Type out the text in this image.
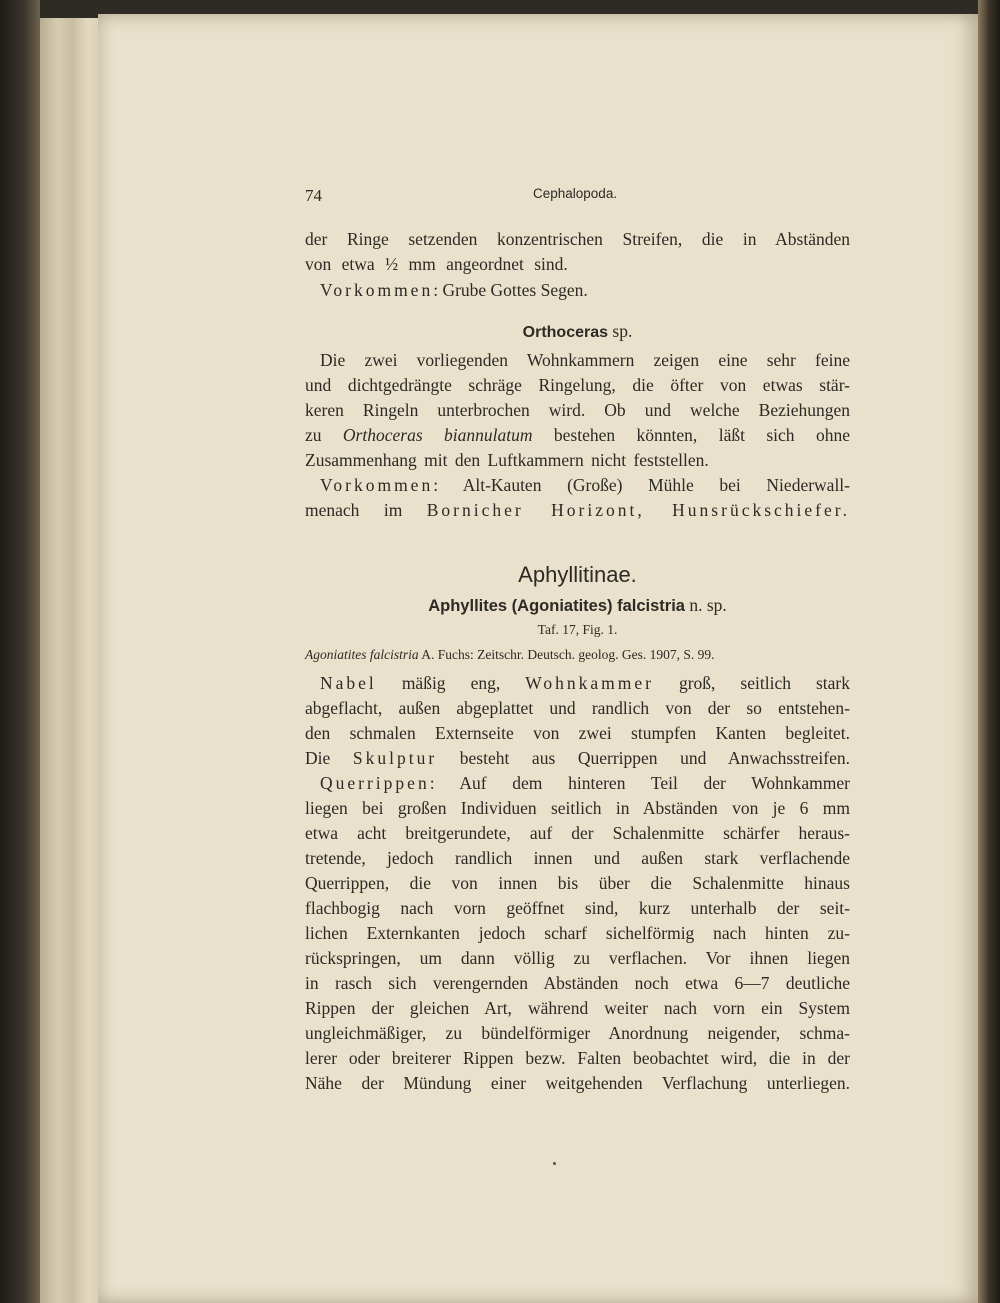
74	Cephalopoda.
der Ringe setzenden konzentrischen Streifen, die in Abständen
von etwa ½ mm angeordnet sind.
Vorkommen: Grube Gottes Segen.
Orthoceras sp.
Die zwei vorliegenden Wohnkammern zeigen eine sehr feine
und dichtgedrängte schräge Ringelung, die öfter von etwas stär-
keren Ringeln unterbrochen wird. Ob und welche Beziehungen
zu Orthoceras biannulatum bestehen könnten, läßt sich ohne
Zusammenhang mit den Luftkammern nicht feststellen.
Vorkommen: Alt-Kauten (Große) Mühle bei Niederwall-
menach im Bornicher Horizont, Hunsrückschiefer.
Aphyllitinae.
Aphyllites (Agoniatites) falcistria n. sp.
Taf. 17, Fig. 1.
Agoniatites falcistria A. Fuchs: Zeitschr. Deutsch. geolog. Ges. 1907, S. 99.
Nabel mäßig eng, Wohnkammer groß, seitlich stark
abgeflacht, außen abgeplattet und randlich von der so entstehen-
den schmalen Externseite von zwei stumpfen Kanten begleitet.
Die Skulptur besteht aus Querrippen und Anwachsstreifen.
Querrippen: Auf dem hinteren Teil der Wohnkammer
liegen bei großen Individuen seitlich in Abständen von je 6 mm
etwa acht breitgerundete, auf der Schalenmitte schärfer heraus-
tretende, jedoch randlich innen und außen stark verflachende
Querrippen, die von innen bis über die Schalenmitte hinaus
flachbogig nach vorn geöffnet sind, kurz unterhalb der seit-
lichen Externkanten jedoch scharf sichelförmig nach hinten zu-
rückspringen, um dann völlig zu verflachen. Vor ihnen liegen
in rasch sich verengernden Abständen noch etwa 6—7 deutliche
Rippen der gleichen Art, während weiter nach vorn ein System
ungleichmäßiger, zu bündelförmiger Anordnung neigender, schma-
lerer oder breiterer Rippen bezw. Falten beobachtet wird, die in der
Nähe der Mündung einer weitgehenden Verflachung unterliegen.
